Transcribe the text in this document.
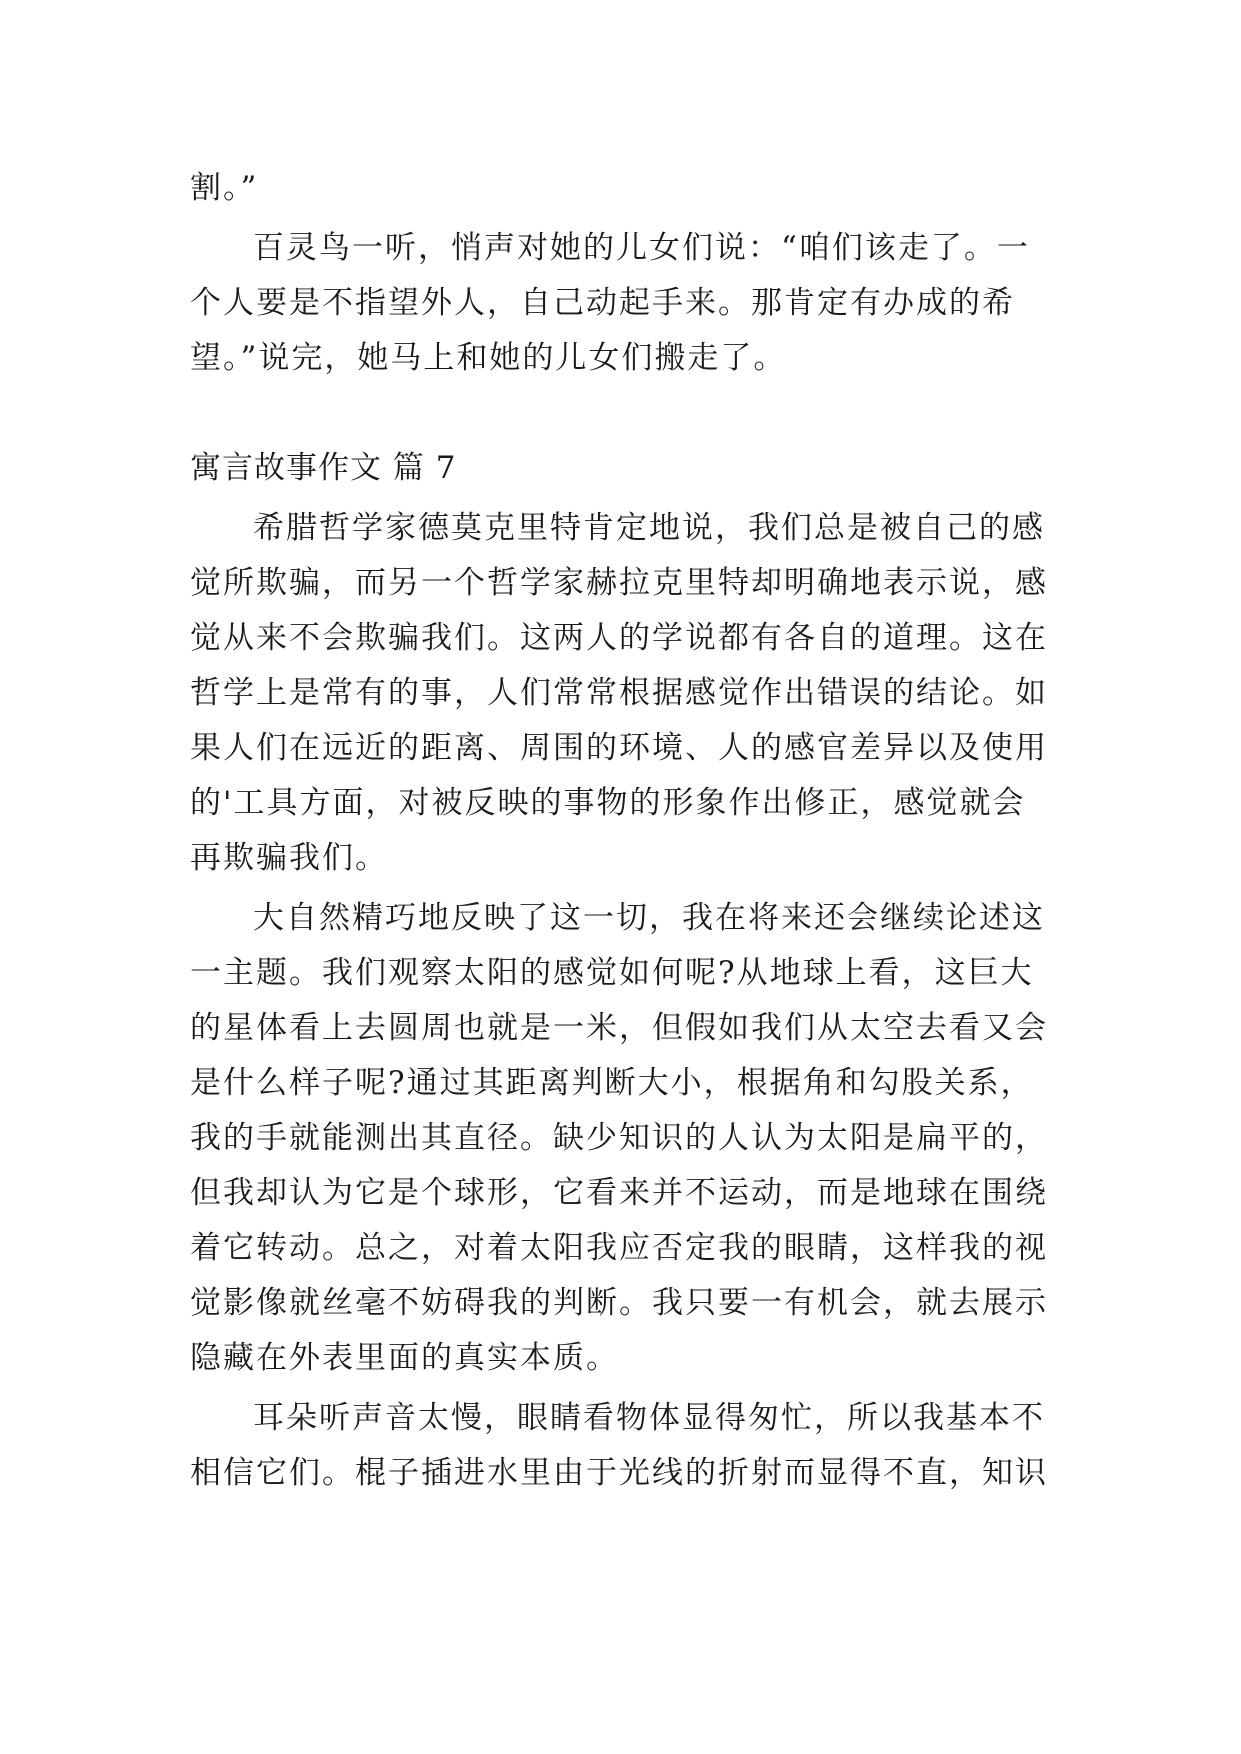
割。”
百灵鸟一听，悄声对她的儿女们说：“咱们该走了。一
个人要是不指望外人，自己动起手来。那肯定有办成的希
望。”说完，她马上和她的儿女们搬走了。
寓言故事作文 篇 7
希腊哲学家德莫克里特肯定地说，我们总是被自己的感
觉所欺骗，而另一个哲学家赫拉克里特却明确地表示说，感
觉从来不会欺骗我们。这两人的学说都有各自的道理。这在
哲学上是常有的事，人们常常根据感觉作出错误的结论。如
果人们在远近的距离、周围的环境、人的感官差异以及使用
的'工具方面，对被反映的事物的形象作出修正，感觉就会
再欺骗我们。
大自然精巧地反映了这一切，我在将来还会继续论述这
一主题。我们观察太阳的感觉如何呢?从地球上看，这巨大
的星体看上去圆周也就是一米，但假如我们从太空去看又会
是什么样子呢?通过其距离判断大小，根据角和勾股关系，
我的手就能测出其直径。缺少知识的人认为太阳是扁平的，
但我却认为它是个球形，它看来并不运动，而是地球在围绕
着它转动。总之，对着太阳我应否定我的眼睛，这样我的视
觉影像就丝毫不妨碍我的判断。我只要一有机会，就去展示
隐藏在外表里面的真实本质。
耳朵听声音太慢，眼睛看物体显得匆忙，所以我基本不
相信它们。棍子插进水里由于光线的折射而显得不直，知识
